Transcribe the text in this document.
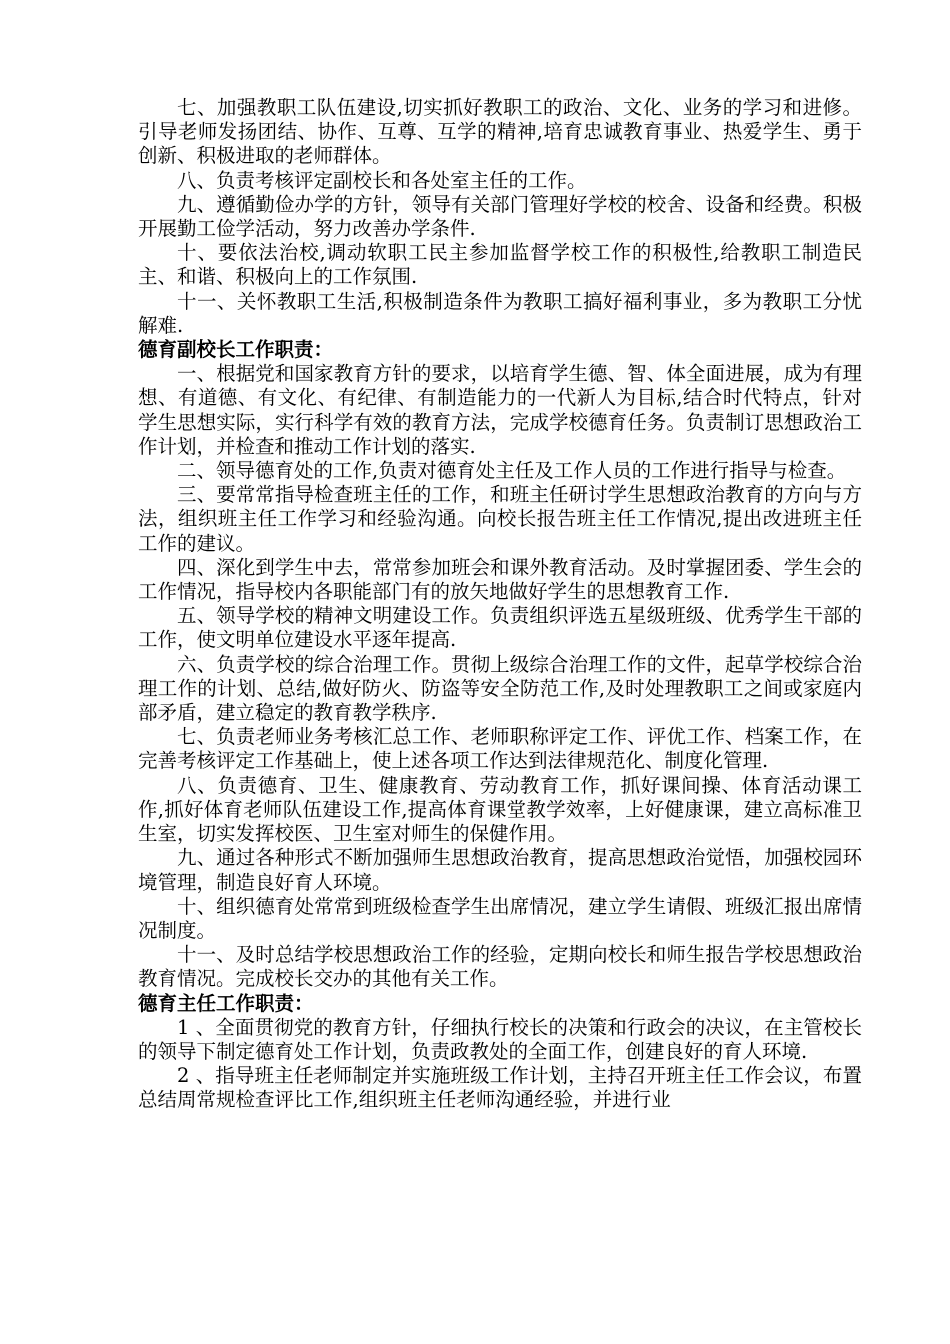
七、加强教职工队伍建设,切实抓好教职工的政治、文化、业务的学习和进修。引导老师发扬团结、协作、互尊、互学的精神,培育忠诚教育事业、热爱学生、勇于创新、积极进取的老师群体。

八、负责考核评定副校长和各处室主任的工作。

九、遵循勤俭办学的方针，领导有关部门管理好学校的校舍、设备和经费。积极开展勤工俭学活动，努力改善办学条件.

十、要依法治校,调动软职工民主参加监督学校工作的积极性,给教职工制造民主、和谐、积极向上的工作氛围.

十一、关怀教职工生活,积极制造条件为教职工搞好福利事业，多为教职工分忧解难.

德育副校长工作职责：

一、根据党和国家教育方针的要求，以培育学生德、智、体全面进展，成为有理想、有道德、有文化、有纪律、有制造能力的一代新人为目标,结合时代特点，针对学生思想实际，实行科学有效的教育方法，完成学校德育任务。负责制订思想政治工作计划，并检查和推动工作计划的落实.

二、领导德育处的工作,负责对德育处主任及工作人员的工作进行指导与检查。

三、要常常指导检查班主任的工作，和班主任研讨学生思想政治教育的方向与方法，组织班主任工作学习和经验沟通。向校长报告班主任工作情况,提出改进班主任工作的建议。

四、深化到学生中去，常常参加班会和课外教育活动。及时掌握团委、学生会的工作情况，指导校内各职能部门有的放矢地做好学生的思想教育工作.

五、领导学校的精神文明建设工作。负责组织评选五星级班级、优秀学生干部的工作，使文明单位建设水平逐年提高.

六、负责学校的综合治理工作。贯彻上级综合治理工作的文件，起草学校综合治理工作的计划、总结,做好防火、防盗等安全防范工作,及时处理教职工之间或家庭内部矛盾，建立稳定的教育教学秩序.

七、负责老师业务考核汇总工作、老师职称评定工作、评优工作、档案工作，在完善考核评定工作基础上，使上述各项工作达到法律规范化、制度化管理.

八、负责德育、卫生、健康教育、劳动教育工作，抓好课间操、体育活动课工作,抓好体育老师队伍建设工作,提高体育课堂教学效率，上好健康课，建立高标准卫生室，切实发挥校医、卫生室对师生的保健作用。

九、通过各种形式不断加强师生思想政治教育，提高思想政治觉悟，加强校园环境管理，制造良好育人环境。

十、组织德育处常常到班级检查学生出席情况，建立学生请假、班级汇报出席情况制度。

十一、及时总结学校思想政治工作的经验，定期向校长和师生报告学校思想政治教育情况。完成校长交办的其他有关工作。

德育主任工作职责：

1 、全面贯彻党的教育方针，仔细执行校长的决策和行政会的决议，在主管校长的领导下制定德育处工作计划，负责政教处的全面工作，创建良好的育人环境.

2 、指导班主任老师制定并实施班级工作计划，主持召开班主任工作会议，布置总结周常规检查评比工作,组织班主任老师沟通经验，并进行业
